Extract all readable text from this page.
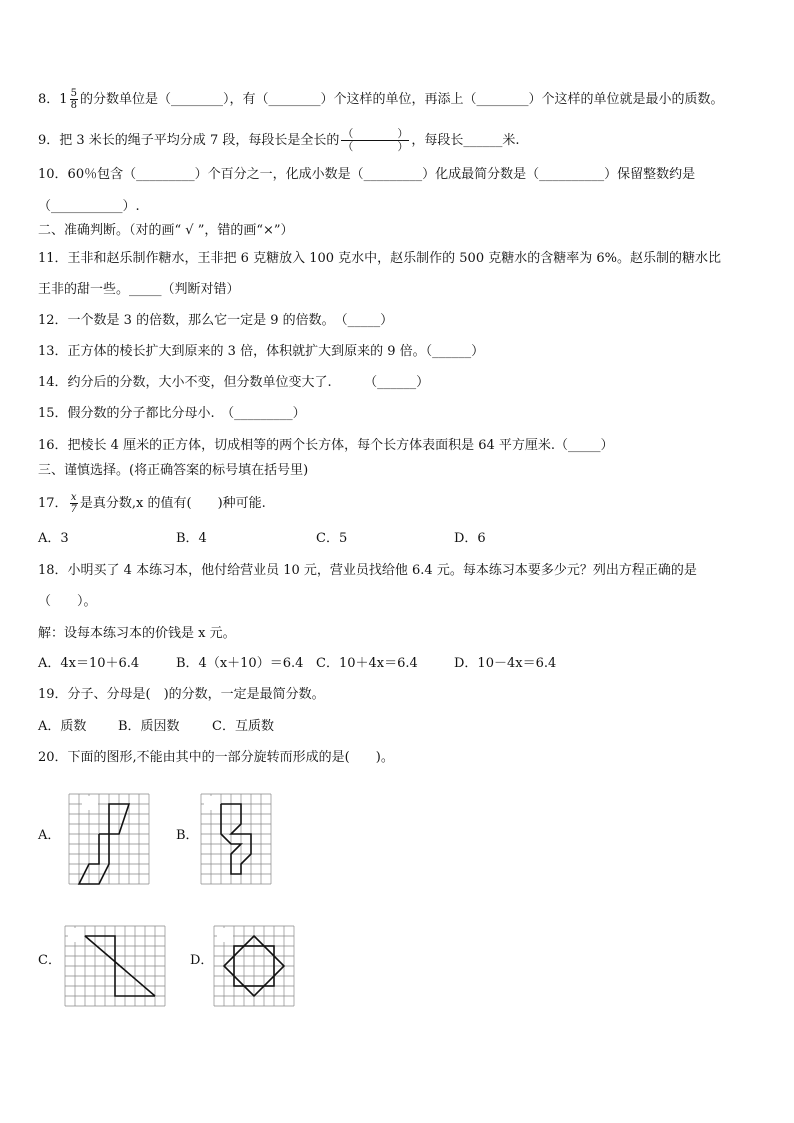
8．$1 \frac{5}{8}$ 的分数单位是（________），有（________）个这样的单位，再添上（________）个这样的单位就是最小的质数。
9．把 3 米长的绳子平均分成 7 段，每段长是全长的 $\frac{( )}{( )}$ ，每段长______米.
10．60％包含（_________）个百分之一，化成小数是（_________）化成最简分数是（__________）保留整数约是
（___________）.
二、准确判断。（对的画“ √ ”，错的画“×”）
11．王非和赵乐制作糖水，王非把 6 克糖放入 100 克水中，赵乐制作的 500 克糖水的含糖率为 6%。赵乐制的糖水比
王非的甜一些。_____（判断对错）
12．一个数是 3 的倍数，那么它一定是 9 的倍数。　（_____）
13．正方体的棱长扩大到原来的 3 倍，体积就扩大到原来的 9 倍。（______）
14．约分后的分数，大小不变，但分数单位变大了.　　　（______）
15．假分数的分子都比分母小.　（_________）
16．把棱长 4 厘米的正方体，切成相等的两个长方体，每个长方体表面积是 64 平方厘米.（_____）
三、谨慎选择。(将正确答案的标号填在括号里)
17． $\frac{x}{7}$ 是真分数,x 的值有(　　)种可能.
A．3	B．4	C．5	D．6
18．小明买了 4 本练习本，他付给营业员 10 元，营业员找给他 6.4 元。每本练习本要多少元？列出方程正确的是
（　　）。
解：设每本练习本的价钱是 x 元。
A．4x＝10＋6.4	B．4（x＋10）＝6.4 C．10＋4x＝6.4	D．10－4x＝6.4
19．分子、分母是(　)的分数，一定是最简分数。
A．质数 B．质因数 C．互质数
20．下面的图形,不能由其中的一部分旋转而形成的是(　　)。
A．	B．
C．	D．
